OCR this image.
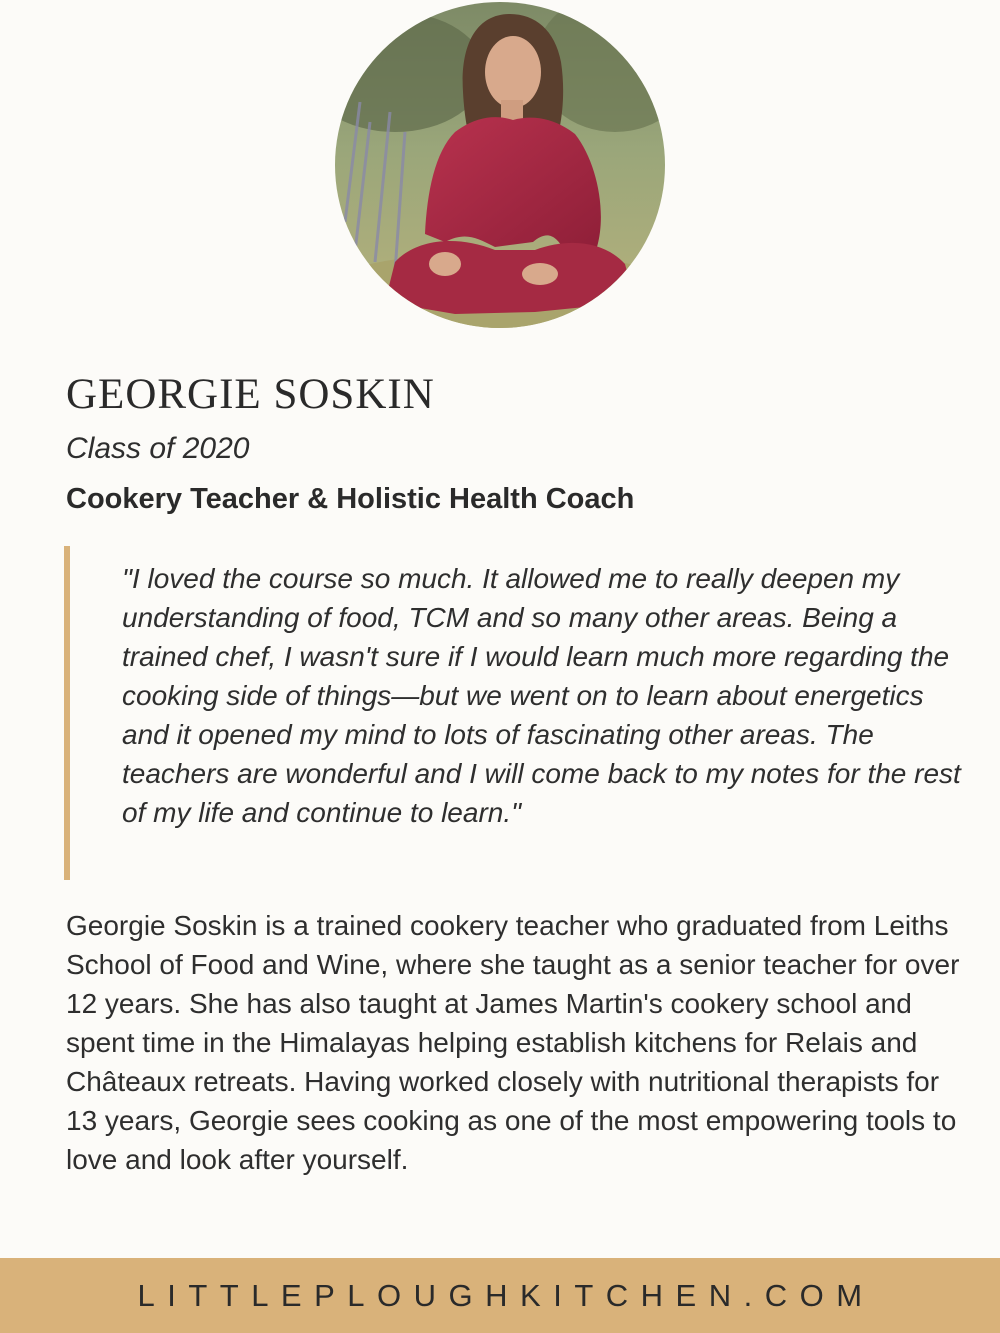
GEORGIE SOSKIN

Class of 2020

Cookery Teacher & Holistic Health Coach

"I loved the course so much. It allowed me to really deepen my understanding of food, TCM and so many other areas. Being a trained chef, I wasn't sure if I would learn much more regarding the cooking side of things—but we went on to learn about energetics and it opened my mind to lots of fascinating other areas. The teachers are wonderful and I will come back to my notes for the rest of my life and continue to learn."

Georgie Soskin is a trained cookery teacher who graduated from Leiths School of Food and Wine, where she taught as a senior teacher for over 12 years. She has also taught at James Martin's cookery school and spent time in the Himalayas helping establish kitchens for Relais and Châteaux retreats. Having worked closely with nutritional therapists for 13 years, Georgie sees cooking as one of the most empowering tools to love and look after yourself.

LITTLEPLOUGHKITCHEN.COM
